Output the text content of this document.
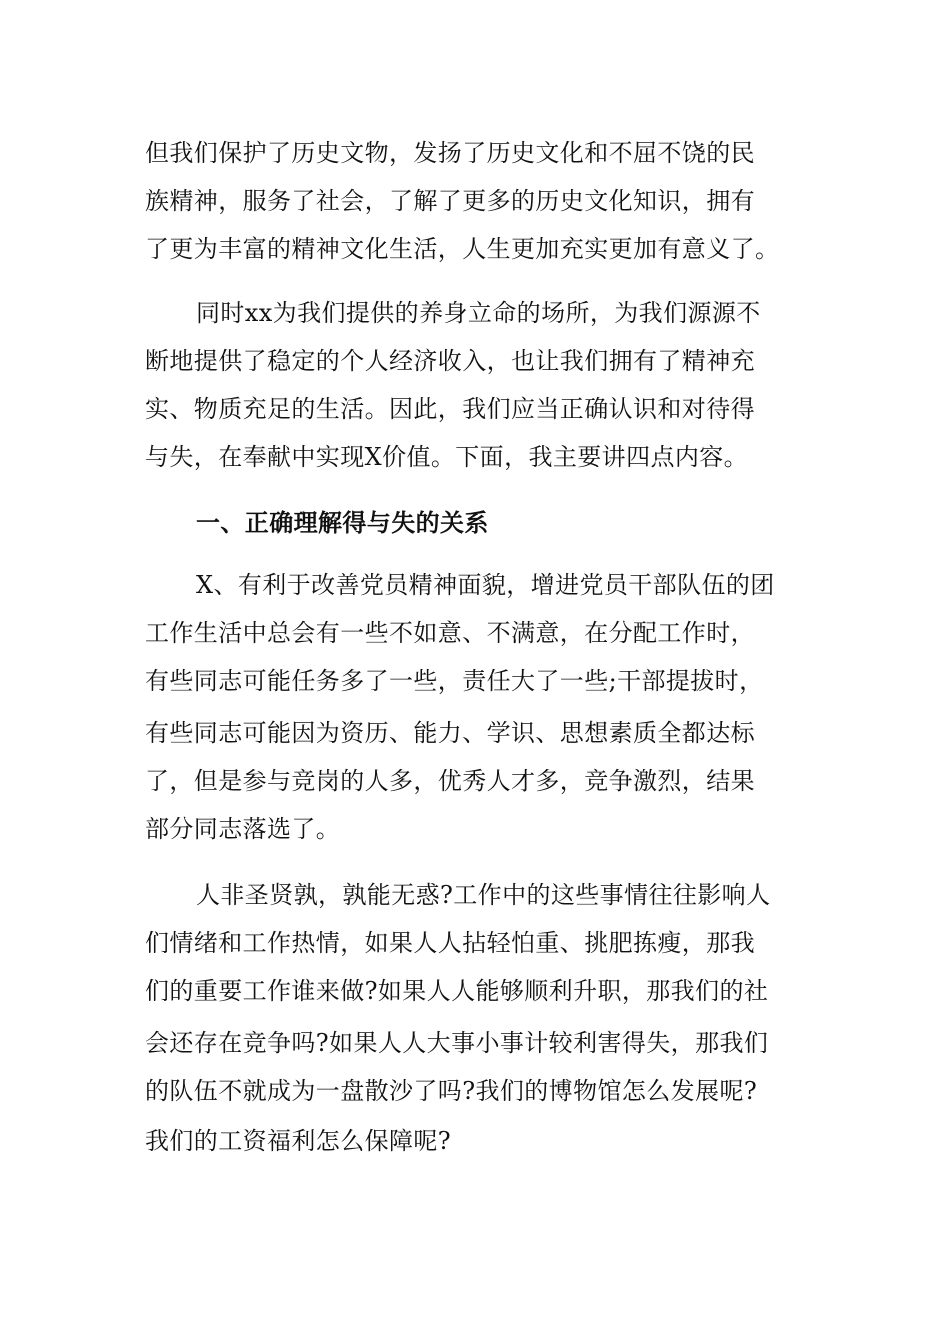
但我们保护了历史文物，发扬了历史文化和不屈不饶的民
族精神，服务了社会，了解了更多的历史文化知识，拥有
了更为丰富的精神文化生活，人生更加充实更加有意义了。
同时xx为我们提供的养身立命的场所，为我们源源不
断地提供了稳定的个人经济收入，也让我们拥有了精神充
实、物质充足的生活。因此，我们应当正确认识和对待得
与失，在奉献中实现X价值。下面，我主要讲四点内容。
一、正确理解得与失的关系
X、有利于改善党员精神面貌，增进党员干部队伍的团
工作生活中总会有一些不如意、不满意，在分配工作时，
有些同志可能任务多了一些，责任大了一些;干部提拔时，
有些同志可能因为资历、能力、学识、思想素质全都达标
了，但是参与竞岗的人多，优秀人才多，竞争激烈，结果
部分同志落选了。
人非圣贤孰，孰能无惑?工作中的这些事情往往影响人
们情绪和工作热情，如果人人拈轻怕重、挑肥拣瘦，那我
们的重要工作谁来做?如果人人能够顺利升职，那我们的社
会还存在竞争吗?如果人人大事小事计较利害得失，那我们
的队伍不就成为一盘散沙了吗?我们的博物馆怎么发展呢?
我们的工资福利怎么保障呢?
